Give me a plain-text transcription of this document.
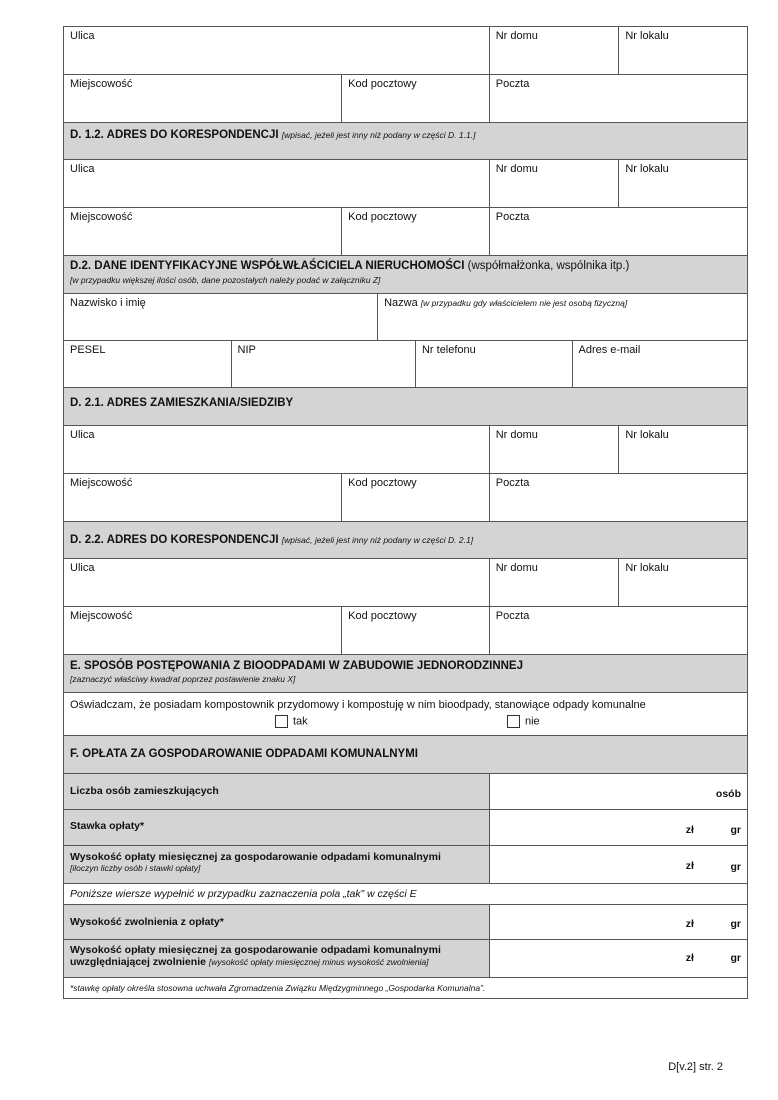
Ulica	Nr domu	Nr lokalu
Miejscowość	Kod pocztowy	Poczta
D. 1.2. ADRES DO KORESPONDENCJI [wpisać, jeżeli jest inny niż podany w części D. 1.1.]
Ulica	Nr domu	Nr lokalu
Miejscowość	Kod pocztowy	Poczta
D.2. DANE IDENTYFIKACYJNE WSPÓŁWŁAŚCICIELA NIERUCHOMOŚCI (współmałżonka, wspólnika itp.)
[w przypadku większej ilości osób, dane pozostałych należy podać w załączniku Z]
Nazwisko i imię	Nazwa [w przypadku gdy właścicielem nie jest osobą fizyczną]
PESEL	NIP	Nr telefonu	Adres e-mail
D. 2.1. ADRES ZAMIESZKANIA/SIEDZIBY
Ulica	Nr domu	Nr lokalu
Miejscowość	Kod pocztowy	Poczta
D. 2.2. ADRES DO KORESPONDENCJI [wpisać, jeżeli jest inny niż podany w części D. 2.1]
Ulica	Nr domu	Nr lokalu
Miejscowość	Kod pocztowy	Poczta
E. SPOSÓB POSTĘPOWANIA Z BIOODPADAMI W ZABUDOWIE JEDNORODZINNEJ
[zaznaczyć właściwy kwadrat poprzez postawienie znaku X]
Oświadczam, że posiadam kompostownik przydomowy i kompostuję w nim bioodpady, stanowiące odpady komunalne
tak	nie
F. OPŁATA ZA GOSPODAROWANIE ODPADAMI KOMUNALNYMI
Liczba osób zamieszkujących	osób
Stawka opłaty*	zł	gr
Wysokość opłaty miesięcznej za gospodarowanie odpadami komunalnymi
[iloczyn liczby osób i stawki opłaty]	zł	gr
Poniższe wiersze wypełnić w przypadku zaznaczenia pola „tak” w części E
Wysokość zwolnienia z opłaty*	zł	gr
Wysokość opłaty miesięcznej za gospodarowanie odpadami komunalnymi
uwzględniającej zwolnienie [wysokość opłaty miesięcznej minus wysokość zwolnienia]	zł	gr
*stawkę opłaty określa stosowna uchwała Zgromadzenia Związku Międzygminnego „Gospodarka Komunalna”.
D[v.2] str. 2
